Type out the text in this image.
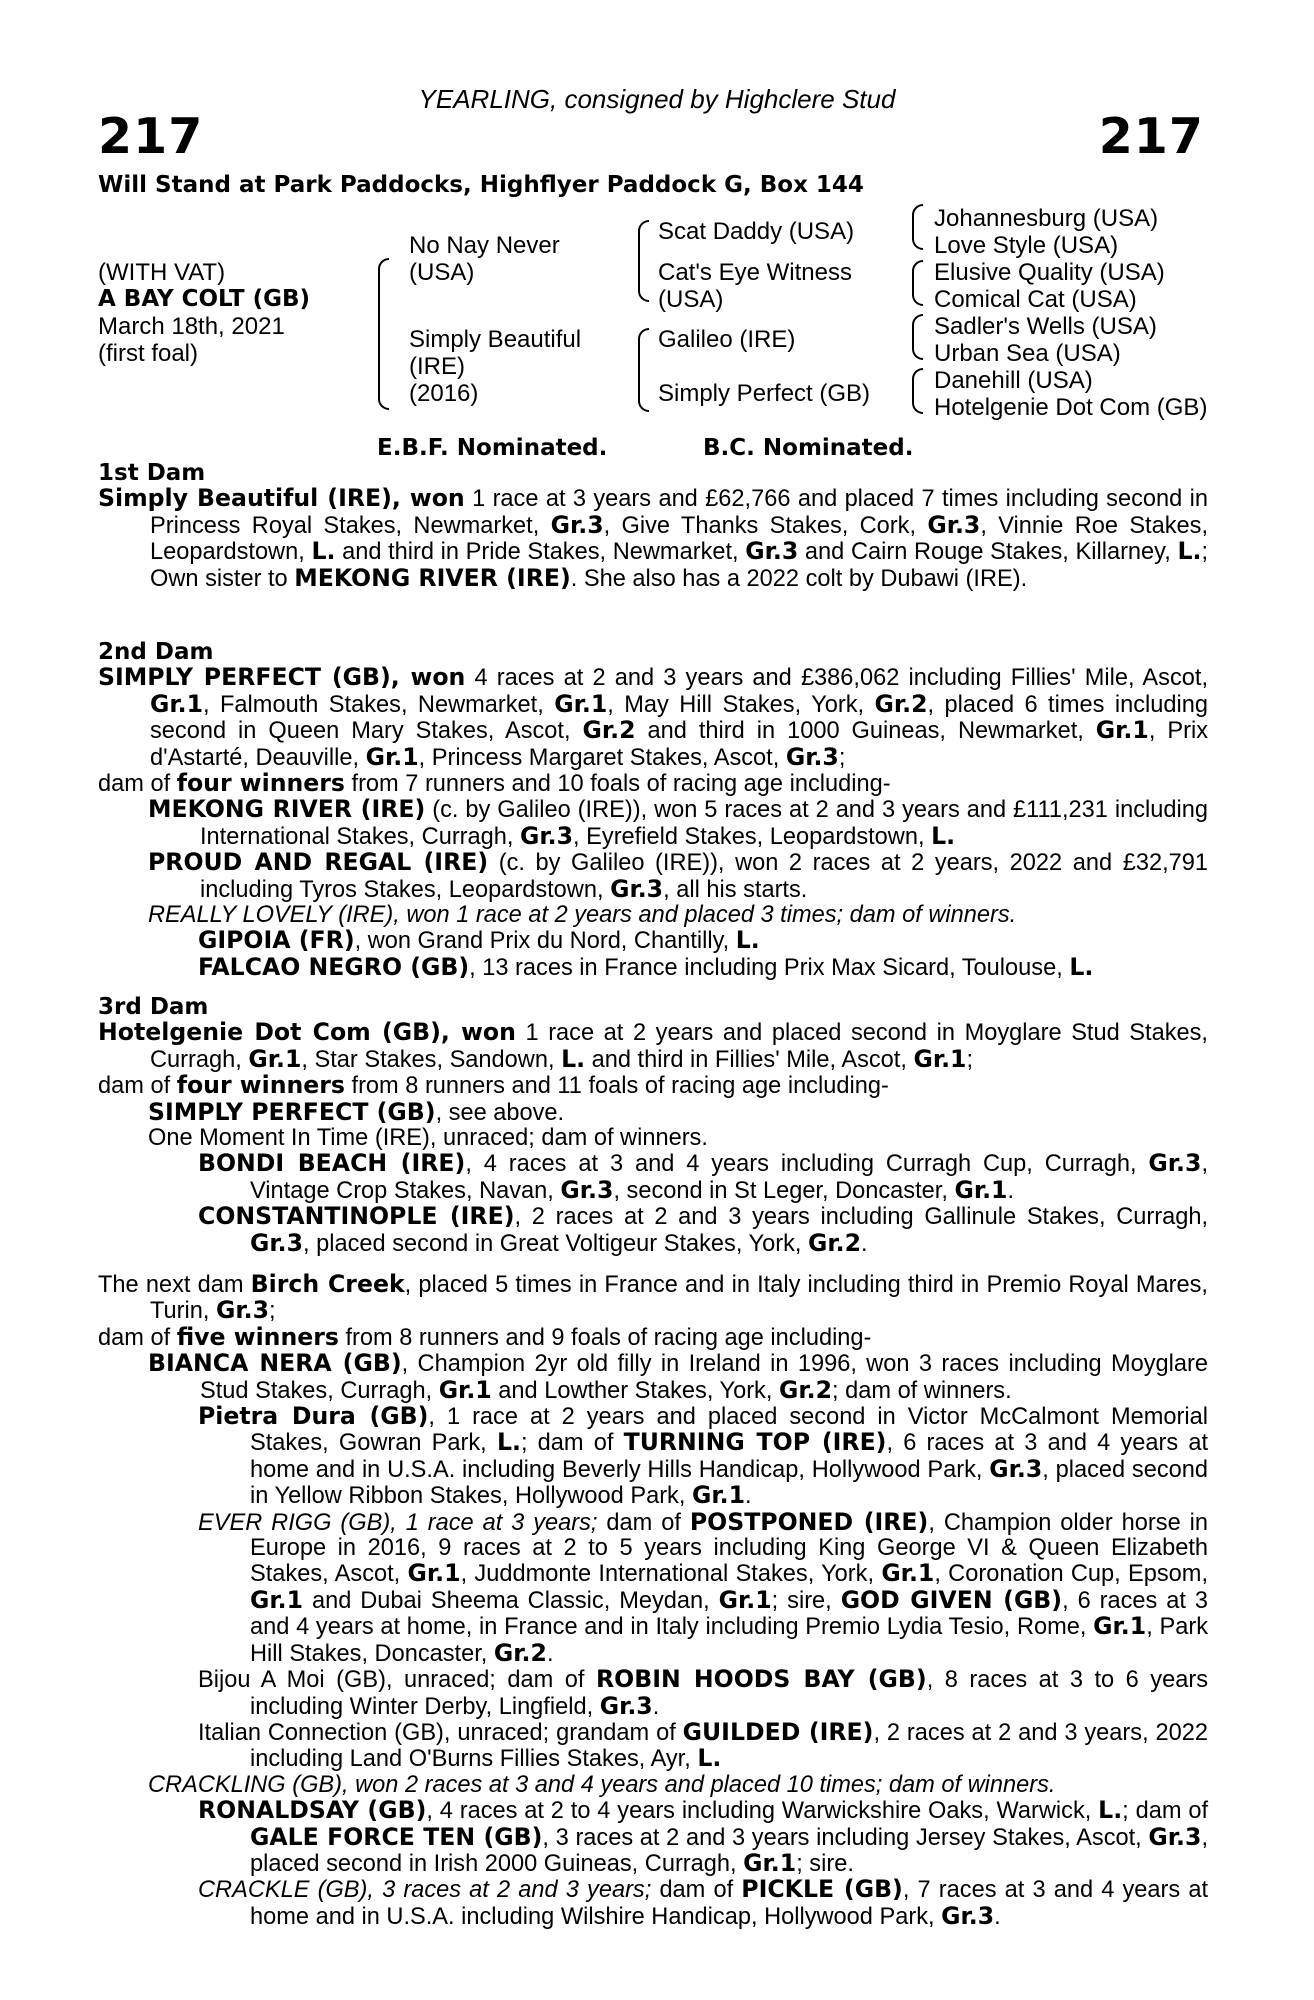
217
YEARLING, consigned by Highclere Stud
217
Will Stand at Park Paddocks, Highflyer Paddock G, Box 144
(WITH VAT)
A BAY COLT (GB)
March 18th, 2021
(first foal)
No Nay Never
(USA)
Simply Beautiful
(IRE)
(2016)
Scat Daddy (USA)
Cat's Eye Witness
(USA)
Galileo (IRE)
Simply Perfect (GB)
Johannesburg (USA)
Love Style (USA)
Elusive Quality (USA)
Comical Cat (USA)
Sadler's Wells (USA)
Urban Sea (USA)
Danehill (USA)
Hotelgenie Dot Com (GB)
E.B.F. Nominated.	B.C. Nominated.

1st Dam

Simply Beautiful (IRE), won 1 race at 3 years and £62,766 and placed 7 times including second in Princess Royal Stakes, Newmarket, Gr.3, Give Thanks Stakes, Cork, Gr.3, Vinnie Roe Stakes, Leopardstown, L. and third in Pride Stakes, Newmarket, Gr.3 and Cairn Rouge Stakes, Killarney, L.; Own sister to MEKONG RIVER (IRE). She also has a 2022 colt by Dubawi (IRE).

2nd Dam

SIMPLY PERFECT (GB), won 4 races at 2 and 3 years and £386,062 including Fillies' Mile, Ascot, Gr.1, Falmouth Stakes, Newmarket, Gr.1, May Hill Stakes, York, Gr.2, placed 6 times including second in Queen Mary Stakes, Ascot, Gr.2 and third in 1000 Guineas, Newmarket, Gr.1, Prix d'Astarté, Deauville, Gr.1, Princess Margaret Stakes, Ascot, Gr.3;

dam of four winners from 7 runners and 10 foals of racing age including-

MEKONG RIVER (IRE) (c. by Galileo (IRE)), won 5 races at 2 and 3 years and £111,231 including International Stakes, Curragh, Gr.3, Eyrefield Stakes, Leopardstown, L.

PROUD AND REGAL (IRE) (c. by Galileo (IRE)), won 2 races at 2 years, 2022 and £32,791 including Tyros Stakes, Leopardstown, Gr.3, all his starts.

REALLY LOVELY (IRE), won 1 race at 2 years and placed 3 times; dam of winners.

GIPOIA (FR), won Grand Prix du Nord, Chantilly, L.

FALCAO NEGRO (GB), 13 races in France including Prix Max Sicard, Toulouse, L.

3rd Dam

Hotelgenie Dot Com (GB), won 1 race at 2 years and placed second in Moyglare Stud Stakes, Curragh, Gr.1, Star Stakes, Sandown, L. and third in Fillies' Mile, Ascot, Gr.1;

dam of four winners from 8 runners and 11 foals of racing age including-

SIMPLY PERFECT (GB), see above.

One Moment In Time (IRE), unraced; dam of winners.

BONDI BEACH (IRE), 4 races at 3 and 4 years including Curragh Cup, Curragh, Gr.3, Vintage Crop Stakes, Navan, Gr.3, second in St Leger, Doncaster, Gr.1.

CONSTANTINOPLE (IRE), 2 races at 2 and 3 years including Gallinule Stakes, Curragh, Gr.3, placed second in Great Voltigeur Stakes, York, Gr.2.

The next dam Birch Creek, placed 5 times in France and in Italy including third in Premio Royal Mares, Turin, Gr.3;

dam of five winners from 8 runners and 9 foals of racing age including-

BIANCA NERA (GB), Champion 2yr old filly in Ireland in 1996, won 3 races including Moyglare Stud Stakes, Curragh, Gr.1 and Lowther Stakes, York, Gr.2; dam of winners.

Pietra Dura (GB), 1 race at 2 years and placed second in Victor McCalmont Memorial Stakes, Gowran Park, L.; dam of TURNING TOP (IRE), 6 races at 3 and 4 years at home and in U.S.A. including Beverly Hills Handicap, Hollywood Park, Gr.3, placed second in Yellow Ribbon Stakes, Hollywood Park, Gr.1.

EVER RIGG (GB), 1 race at 3 years; dam of POSTPONED (IRE), Champion older horse in Europe in 2016, 9 races at 2 to 5 years including King George VI & Queen Elizabeth Stakes, Ascot, Gr.1, Juddmonte International Stakes, York, Gr.1, Coronation Cup, Epsom, Gr.1 and Dubai Sheema Classic, Meydan, Gr.1; sire, GOD GIVEN (GB), 6 races at 3 and 4 years at home, in France and in Italy including Premio Lydia Tesio, Rome, Gr.1, Park Hill Stakes, Doncaster, Gr.2.

Bijou A Moi (GB), unraced; dam of ROBIN HOODS BAY (GB), 8 races at 3 to 6 years including Winter Derby, Lingfield, Gr.3.

Italian Connection (GB), unraced; grandam of GUILDED (IRE), 2 races at 2 and 3 years, 2022 including Land O'Burns Fillies Stakes, Ayr, L.

CRACKLING (GB), won 2 races at 3 and 4 years and placed 10 times; dam of winners.

RONALDSAY (GB), 4 races at 2 to 4 years including Warwickshire Oaks, Warwick, L.; dam of GALE FORCE TEN (GB), 3 races at 2 and 3 years including Jersey Stakes, Ascot, Gr.3, placed second in Irish 2000 Guineas, Curragh, Gr.1; sire.

CRACKLE (GB), 3 races at 2 and 3 years; dam of PICKLE (GB), 7 races at 3 and 4 years at home and in U.S.A. including Wilshire Handicap, Hollywood Park, Gr.3.
